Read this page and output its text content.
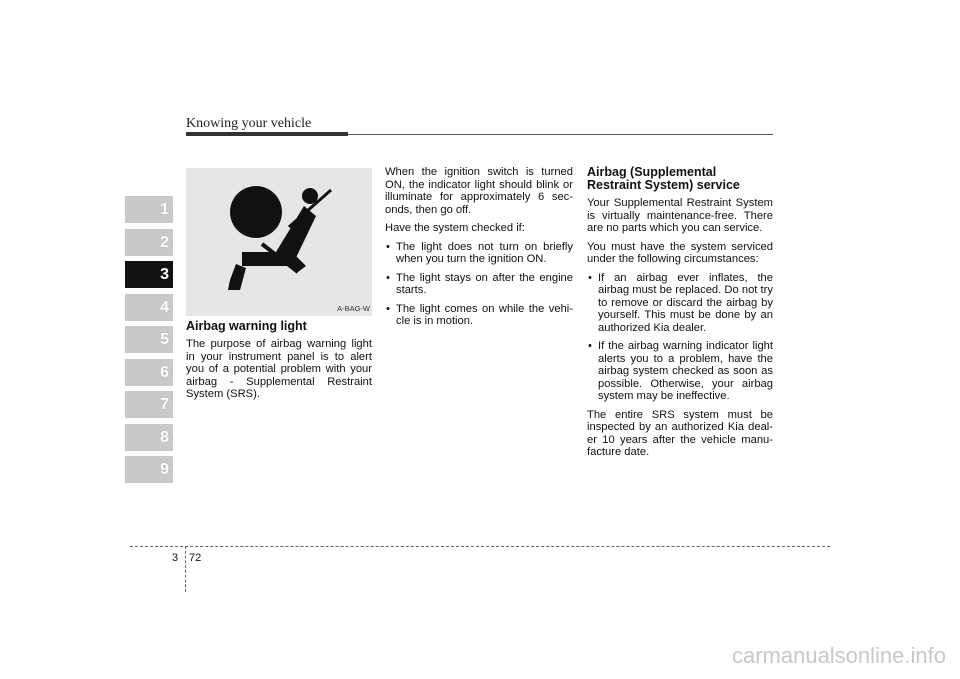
Knowing your vehicle
1
2
3
4
5
6
7
8
9
A-BAG-W
Airbag warning light

The purpose of airbag warning light in your instrument panel is to alert you of a potential problem with your airbag - Supplemental Restraint System (SRS).

When the ignition switch is turned ON, the indicator light should blink or illuminate for approximately 6 sec-onds, then go off.

Have the system checked if:

• The light does not turn on briefly when you turn the ignition ON.
• The light stays on after the engine starts.
• The light comes on while the vehi-cle is in motion.
Airbag (Supplemental Restraint System) service

Your Supplemental Restraint System is virtually maintenance-free. There are no parts which you can service.

You must have the system serviced under the following circumstances:

• If an airbag ever inflates, the airbag must be replaced. Do not try to remove or discard the airbag by yourself. This must be done by an authorized Kia dealer.
• If the airbag warning indicator light alerts you to a problem, have the airbag system checked as soon as possible. Otherwise, your airbag system may be ineffective.

The entire SRS system must be inspected by an authorized Kia deal-er 10 years after the vehicle manu-facture date.

3 72
carmanualsonline.info
